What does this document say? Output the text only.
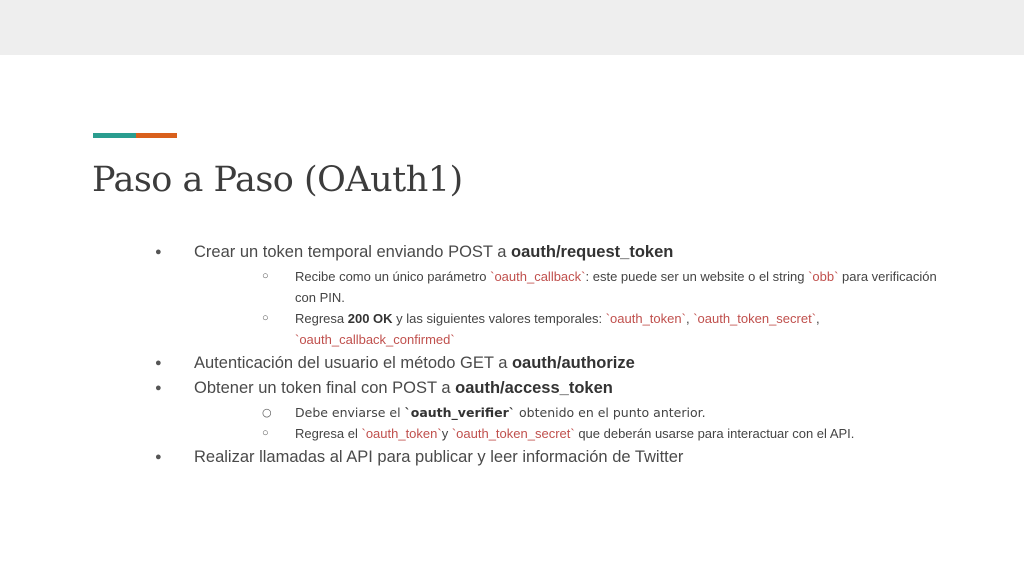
Paso a Paso (OAuth1)
● Crear un token temporal enviando POST a oauth/request_token
○ Recibe como un único parámetro `oauth_callback`: este puede ser un website o el string `obb` para verificación con PIN.
○ Regresa 200 OK y las siguientes valores temporales: `oauth_token`, `oauth_token_secret`, `oauth_callback_confirmed`
● Autenticación del usuario el método GET a oauth/authorize
● Obtener un token final con POST a oauth/access_token
○ Debe enviarse el `oauth_verifier` obtenido en el punto anterior.
○ Regresa el `oauth_token`y `oauth_token_secret` que deberán usarse para interactuar con el API.
● Realizar llamadas al API para publicar y leer información de Twitter
